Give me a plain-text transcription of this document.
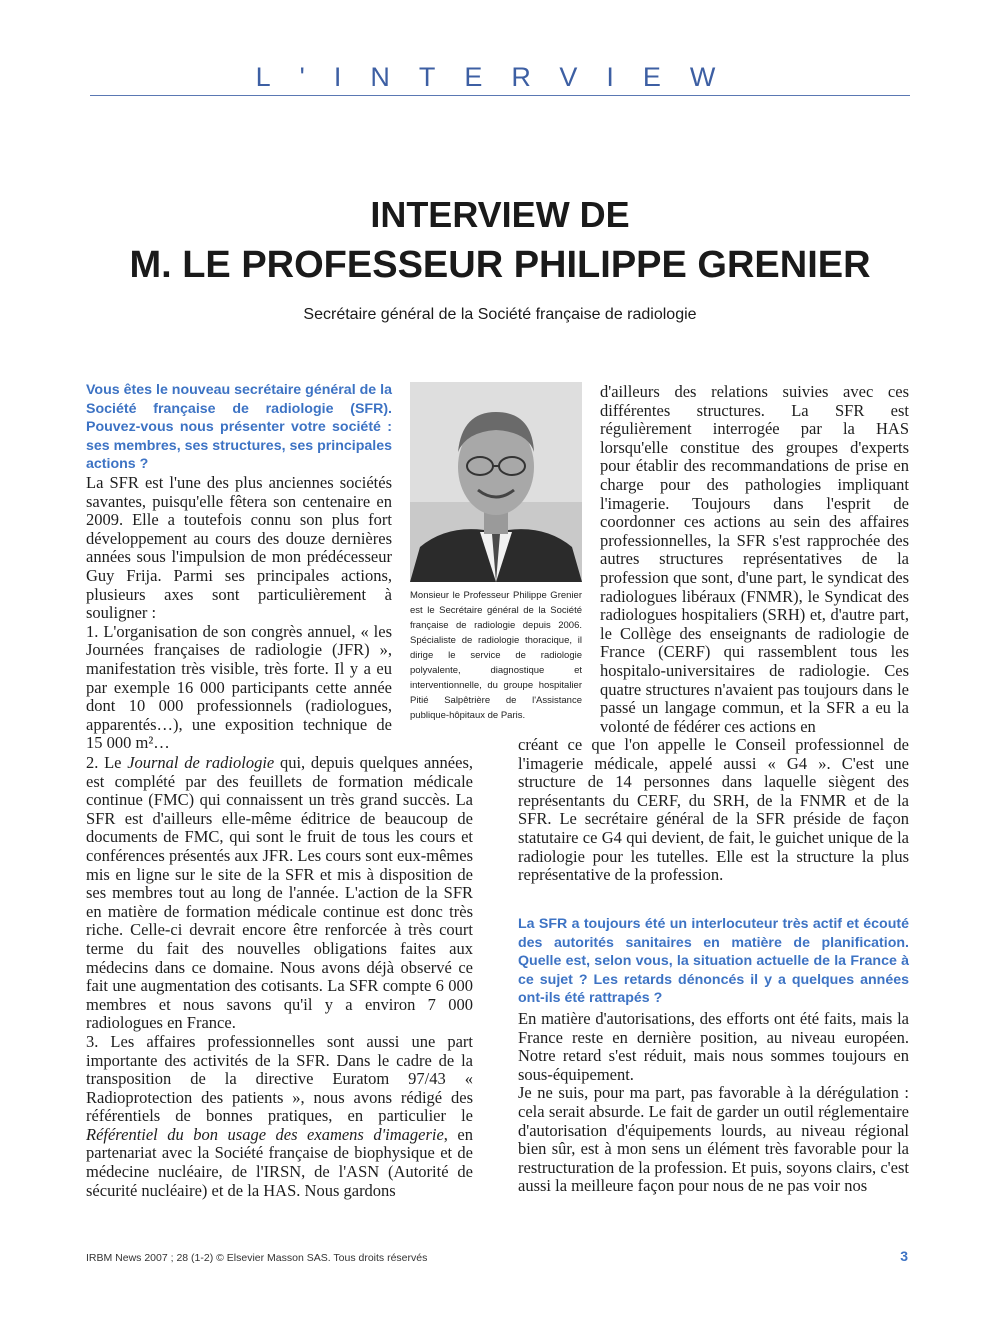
L'INTERVIEW
INTERVIEW DE
M. LE PROFESSEUR PHILIPPE GRENIER
Secrétaire général de la Société française de radiologie
Vous êtes le nouveau secrétaire général de la Société française de radiologie (SFR). Pouvez-vous nous présenter votre société : ses membres, ses structures, ses principales actions ?

La SFR est l'une des plus anciennes sociétés savantes, puisqu'elle fêtera son centenaire en 2009. Elle a toutefois connu son plus fort développement au cours des douze dernières années sous l'impulsion de mon prédécesseur Guy Frija. Parmi ses principales actions, plusieurs axes sont particulièrement à souligner :

1. L'organisation de son congrès annuel, « les Journées françaises de radiologie (JFR) », manifestation très visible, très forte. Il y a eu par exemple 16 000 participants cette année dont 10 000 professionnels (radiologues, apparentés…), une exposition technique de 15 000 m²…

Monsieur le Professeur Philippe Grenier est le Secrétaire général de la Société française de radiologie depuis 2006. Spécialiste de radiologie thoracique, il dirige le service de radiologie polyvalente, diagnostique et interventionnelle, du groupe hospitalier Pitié Salpêtrière de l'Assistance publique-hôpitaux de Paris.

2. Le Journal de radiologie qui, depuis quelques années, est complété par des feuillets de formation médicale continue (FMC) qui connaissent un très grand succès. La SFR est d'ailleurs elle-même éditrice de beaucoup de documents de FMC, qui sont le fruit de tous les cours et conférences présentés aux JFR. Les cours sont eux-mêmes mis en ligne sur le site de la SFR et mis à disposition de ses membres tout au long de l'année. L'action de la SFR en matière de formation médicale continue est donc très riche. Celle-ci devrait encore être renforcée à très court terme du fait des nouvelles obligations faites aux médecins dans ce domaine. Nous avons déjà observé ce fait une augmentation des cotisants. La SFR compte 6 000 membres et nous savons qu'il y a environ 7 000 radiologues en France.

3. Les affaires professionnelles sont aussi une part importante des activités de la SFR. Dans le cadre de la transposition de la directive Euratom 97/43 « Radioprotection des patients », nous avons rédigé des référentiels de bonnes pratiques, en particulier le Référentiel du bon usage des examens d'imagerie, en partenariat avec la Société française de biophysique et de médecine nucléaire, de l'IRSN, de l'ASN (Autorité de sécurité nucléaire) et de la HAS. Nous gardons

d'ailleurs des relations suivies avec ces différentes structures. La SFR est régulièrement interrogée par la HAS lorsqu'elle constitue des groupes d'experts pour établir des recommandations de prise en charge pour des pathologies impliquant l'imagerie. Toujours dans l'esprit de coordonner ces actions au sein des affaires professionnelles, la SFR s'est rapprochée des autres structures représentatives de la profession que sont, d'une part, le syndicat des radiologues libéraux (FNMR), le Syndicat des radiologues hospitaliers (SRH) et, d'autre part, le Collège des enseignants de radiologie de France (CERF) qui rassemblent tous les hospitalo-universitaires de radiologie. Ces quatre structures n'avaient pas toujours dans le passé un langage commun, et la SFR a eu la volonté de fédérer ces actions en

créant ce que l'on appelle le Conseil professionnel de l'imagerie médicale, appelé aussi « G4 ». C'est une structure de 14 personnes dans laquelle siègent des représentants du CERF, du SRH, de la FNMR et de la SFR. Le secrétaire général de la SFR préside de façon statutaire ce G4 qui devient, de fait, le guichet unique de la radiologie pour les tutelles. Elle est la structure la plus représentative de la profession.

La SFR a toujours été un interlocuteur très actif et écouté des autorités sanitaires en matière de planification. Quelle est, selon vous, la situation actuelle de la France à ce sujet ? Les retards dénoncés il y a quelques années ont-ils été rattrapés ?

En matière d'autorisations, des efforts ont été faits, mais la France reste en dernière position, au niveau européen. Notre retard s'est réduit, mais nous sommes toujours en sous-équipement.

Je ne suis, pour ma part, pas favorable à la dérégulation : cela serait absurde. Le fait de garder un outil réglementaire d'autorisation d'équipements lourds, au niveau régional bien sûr, est à mon sens un élément très favorable pour la restructuration de la profession. Et puis, soyons clairs, c'est aussi la meilleure façon pour nous de ne pas voir nos

IRBM News 2007 ; 28 (1-2) © Elsevier Masson SAS. Tous droits réservés	3
